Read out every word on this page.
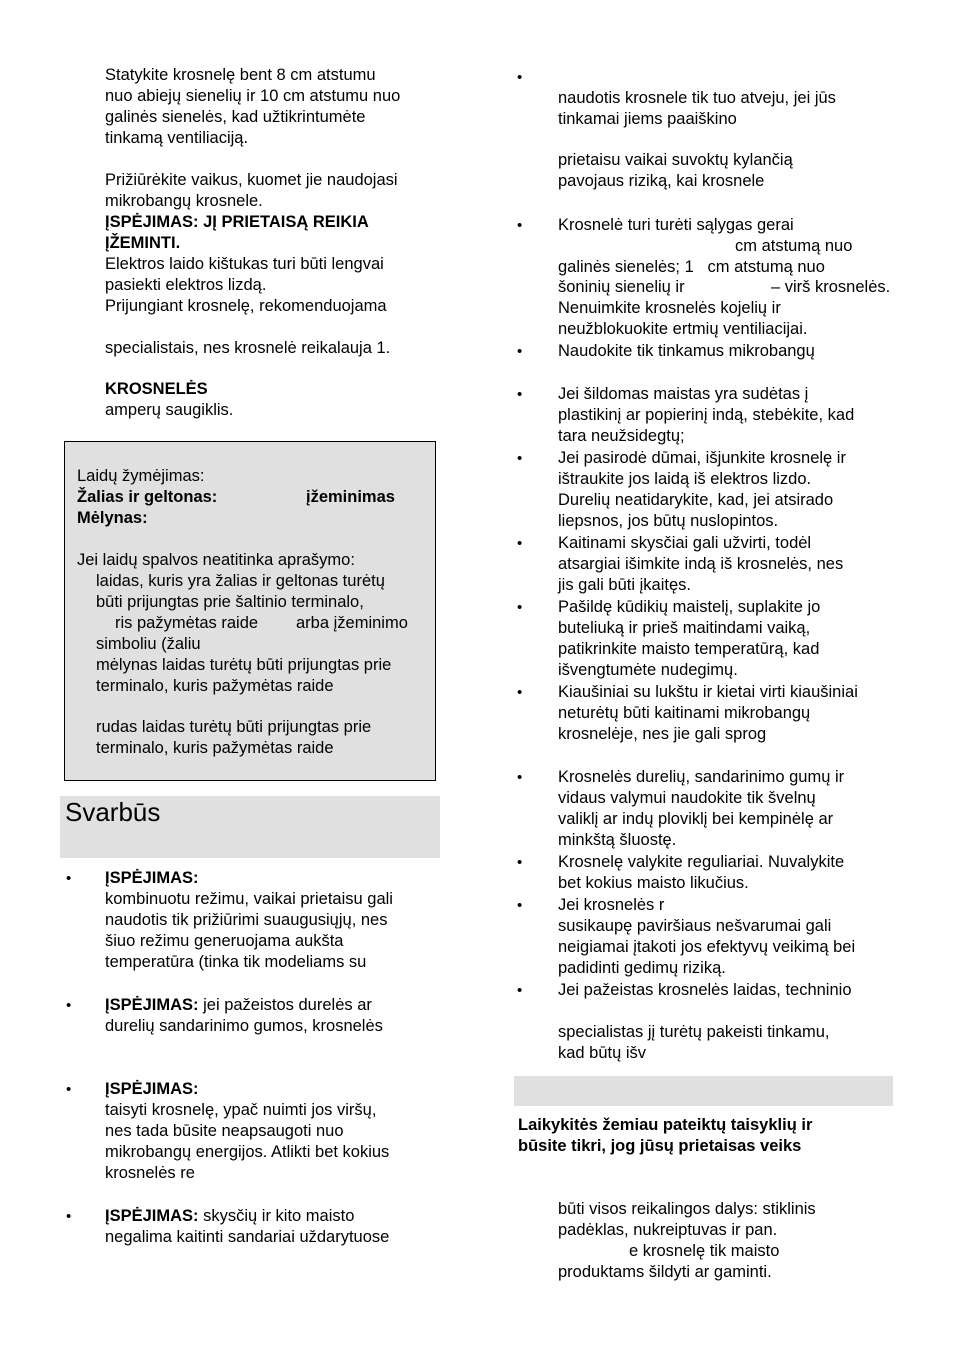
Statykite krosnelę bent 8 cm atstumu
nuo abiejų sienelių ir 10 cm atstumu nuo
galinės sienelės, kad užtikrintumėte
tinkamą ventiliaciją.
Prižiūrėkite vaikus, kuomet jie naudojasi
mikrobangų krosnele.
ĮSPĖJIMAS: JĮ PRIETAISĄ REIKIA
ĮŽEMINTI.
Elektros laido kištukas turi būti lengvai
pasiekti elektros lizdą.
Prijungiant krosnelę, rekomenduojama
specialistais, nes krosnelė reikalauja 1.
KROSNELĖS
amperų saugiklis.
Laidų žymėjimas:
Žalias ir geltonas:	įžeminimas
Mėlynas:
Jei laidų spalvos neatitinka aprašymo:
laidas, kuris yra žalias ir geltonas turėtų
būti prijungtas prie šaltinio terminalo,
ris pažymėtas raide arba įžeminimo
simboliu (žaliu
mėlynas laidas turėtų būti prijungtas prie
terminalo, kuris pažymėtas raide
rudas laidas turėtų būti prijungtas prie
terminalo, kuris pažymėtas raide
Svarbūs
• ĮSPĖJIMAS:
kombinuotu režimu, vaikai prietaisu gali
naudotis tik prižiūrimi suaugusiųjų, nes
šiuo režimu generuojama aukšta
temperatūra (tinka tik modeliams su
• ĮSPĖJIMAS: jei pažeistos durelės ar
durelių sandarinimo gumos, krosnelės
• ĮSPĖJIMAS:
taisyti krosnelę, ypač nuimti jos viršų,
nes tada būsite neapsaugoti nuo
mikrobangų energijos. Atlikti bet kokius
krosnelės re
• ĮSPĖJIMAS: skysčių ir kito maisto
negalima kaitinti sandariai uždarytuose
•
naudotis krosnele tik tuo atveju, jei jūs
tinkamai jiems paaiškino
prietaisu vaikai suvoktų kylančią
pavojaus riziką, kai krosnele
• Krosnelė turi turėti sąlygas gerai
cm atstumą nuo
galinės sienelės; 1   cm atstumą nuo
šoninių sienelių ir	– virš krosnelės.
Nenuimkite krosnelės kojelių ir
neužblokuokite ertmių ventiliacijai.
• Naudokite tik tinkamus mikrobangų
• Jei šildomas maistas yra sudėtas į
plastikinį ar popierinį indą, stebėkite, kad
tara neužsidegtų;
• Jei pasirodė dūmai, išjunkite krosnelę ir
ištraukite jos laidą iš elektros lizdo.
Durelių neatidarykite, kad, jei atsirado
liepsnos, jos būtų nuslopintos.
• Kaitinami skysčiai gali užvirti, todėl
atsargiai išimkite indą iš krosnelės, nes
jis gali būti įkaitęs.
• Pašildę kūdikių maistelį, suplakite jo
buteliuką ir prieš maitindami vaiką,
patikrinkite maisto temperatūrą, kad
išvengtumėte nudegimų.
• Kiaušiniai su lukštu ir kietai virti kiaušiniai
neturėtų būti kaitinami mikrobangų
krosnelėje, nes jie gali sprog
• Krosnelės durelių, sandarinimo gumų ir
vidaus valymui naudokite tik švelnų
valiklį ar indų ploviklį bei kempinėlę ar
minkštą šluostę.
• Krosnelę valykite reguliariai. Nuvalykite
bet kokius maisto likučius.
• Jei krosnelės r
susikaupę paviršiaus nešvarumai gali
neigiamai įtakoti jos efektyvų veikimą bei
padidinti gedimų riziką.
• Jei pažeistas krosnelės laidas, techninio
specialistas jį turėtų pakeisti tinkamu,
kad būtų išv
Laikykitės žemiau pateiktų taisyklių ir
būsite tikri, jog jūsų prietaisas veiks
būti visos reikalingos dalys: stiklinis
padėklas, nukreiptuvas ir pan.
e krosnelę tik maisto
produktams šildyti ar gaminti.
